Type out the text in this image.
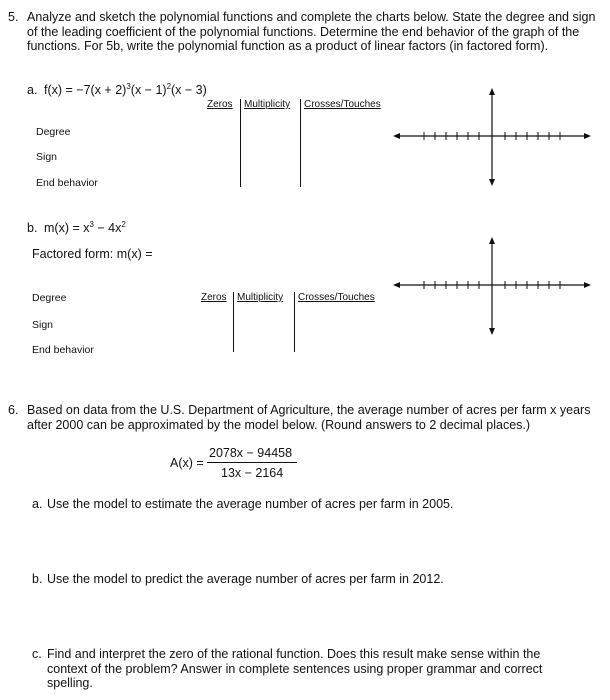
5. Analyze and sketch the polynomial functions and complete the charts below. State the degree and sign of the leading coefficient of the polynomial functions. Determine the end behavior of the graph of the functions. For 5b, write the polynomial function as a product of linear factors (in factored form).
a. $f(x) = -7(x + 2)^3(x - 1)^2(x - 3)$
Zeros Multiplicity Crosses/Touches
Degree
Sign
End behavior
b. $m(x) = x^3 - 4x^2$
Factored form: m(x) =
Zeros Multiplicity Crosses/Touches
Degree
Sign
End behavior
6. Based on data from the U.S. Department of Agriculture, the average number of acres per farm x years after 2000 can be approximated by the model below. (Round answers to 2 decimal places.)
A(x) =
2078x − 94458
13x − 2164
a. Use the model to estimate the average number of acres per farm in 2005.
b. Use the model to predict the average number of acres per farm in 2012.
c. Find and interpret the zero of the rational function. Does this result make sense within the context of the problem? Answer in complete sentences using proper grammar and correct spelling.
